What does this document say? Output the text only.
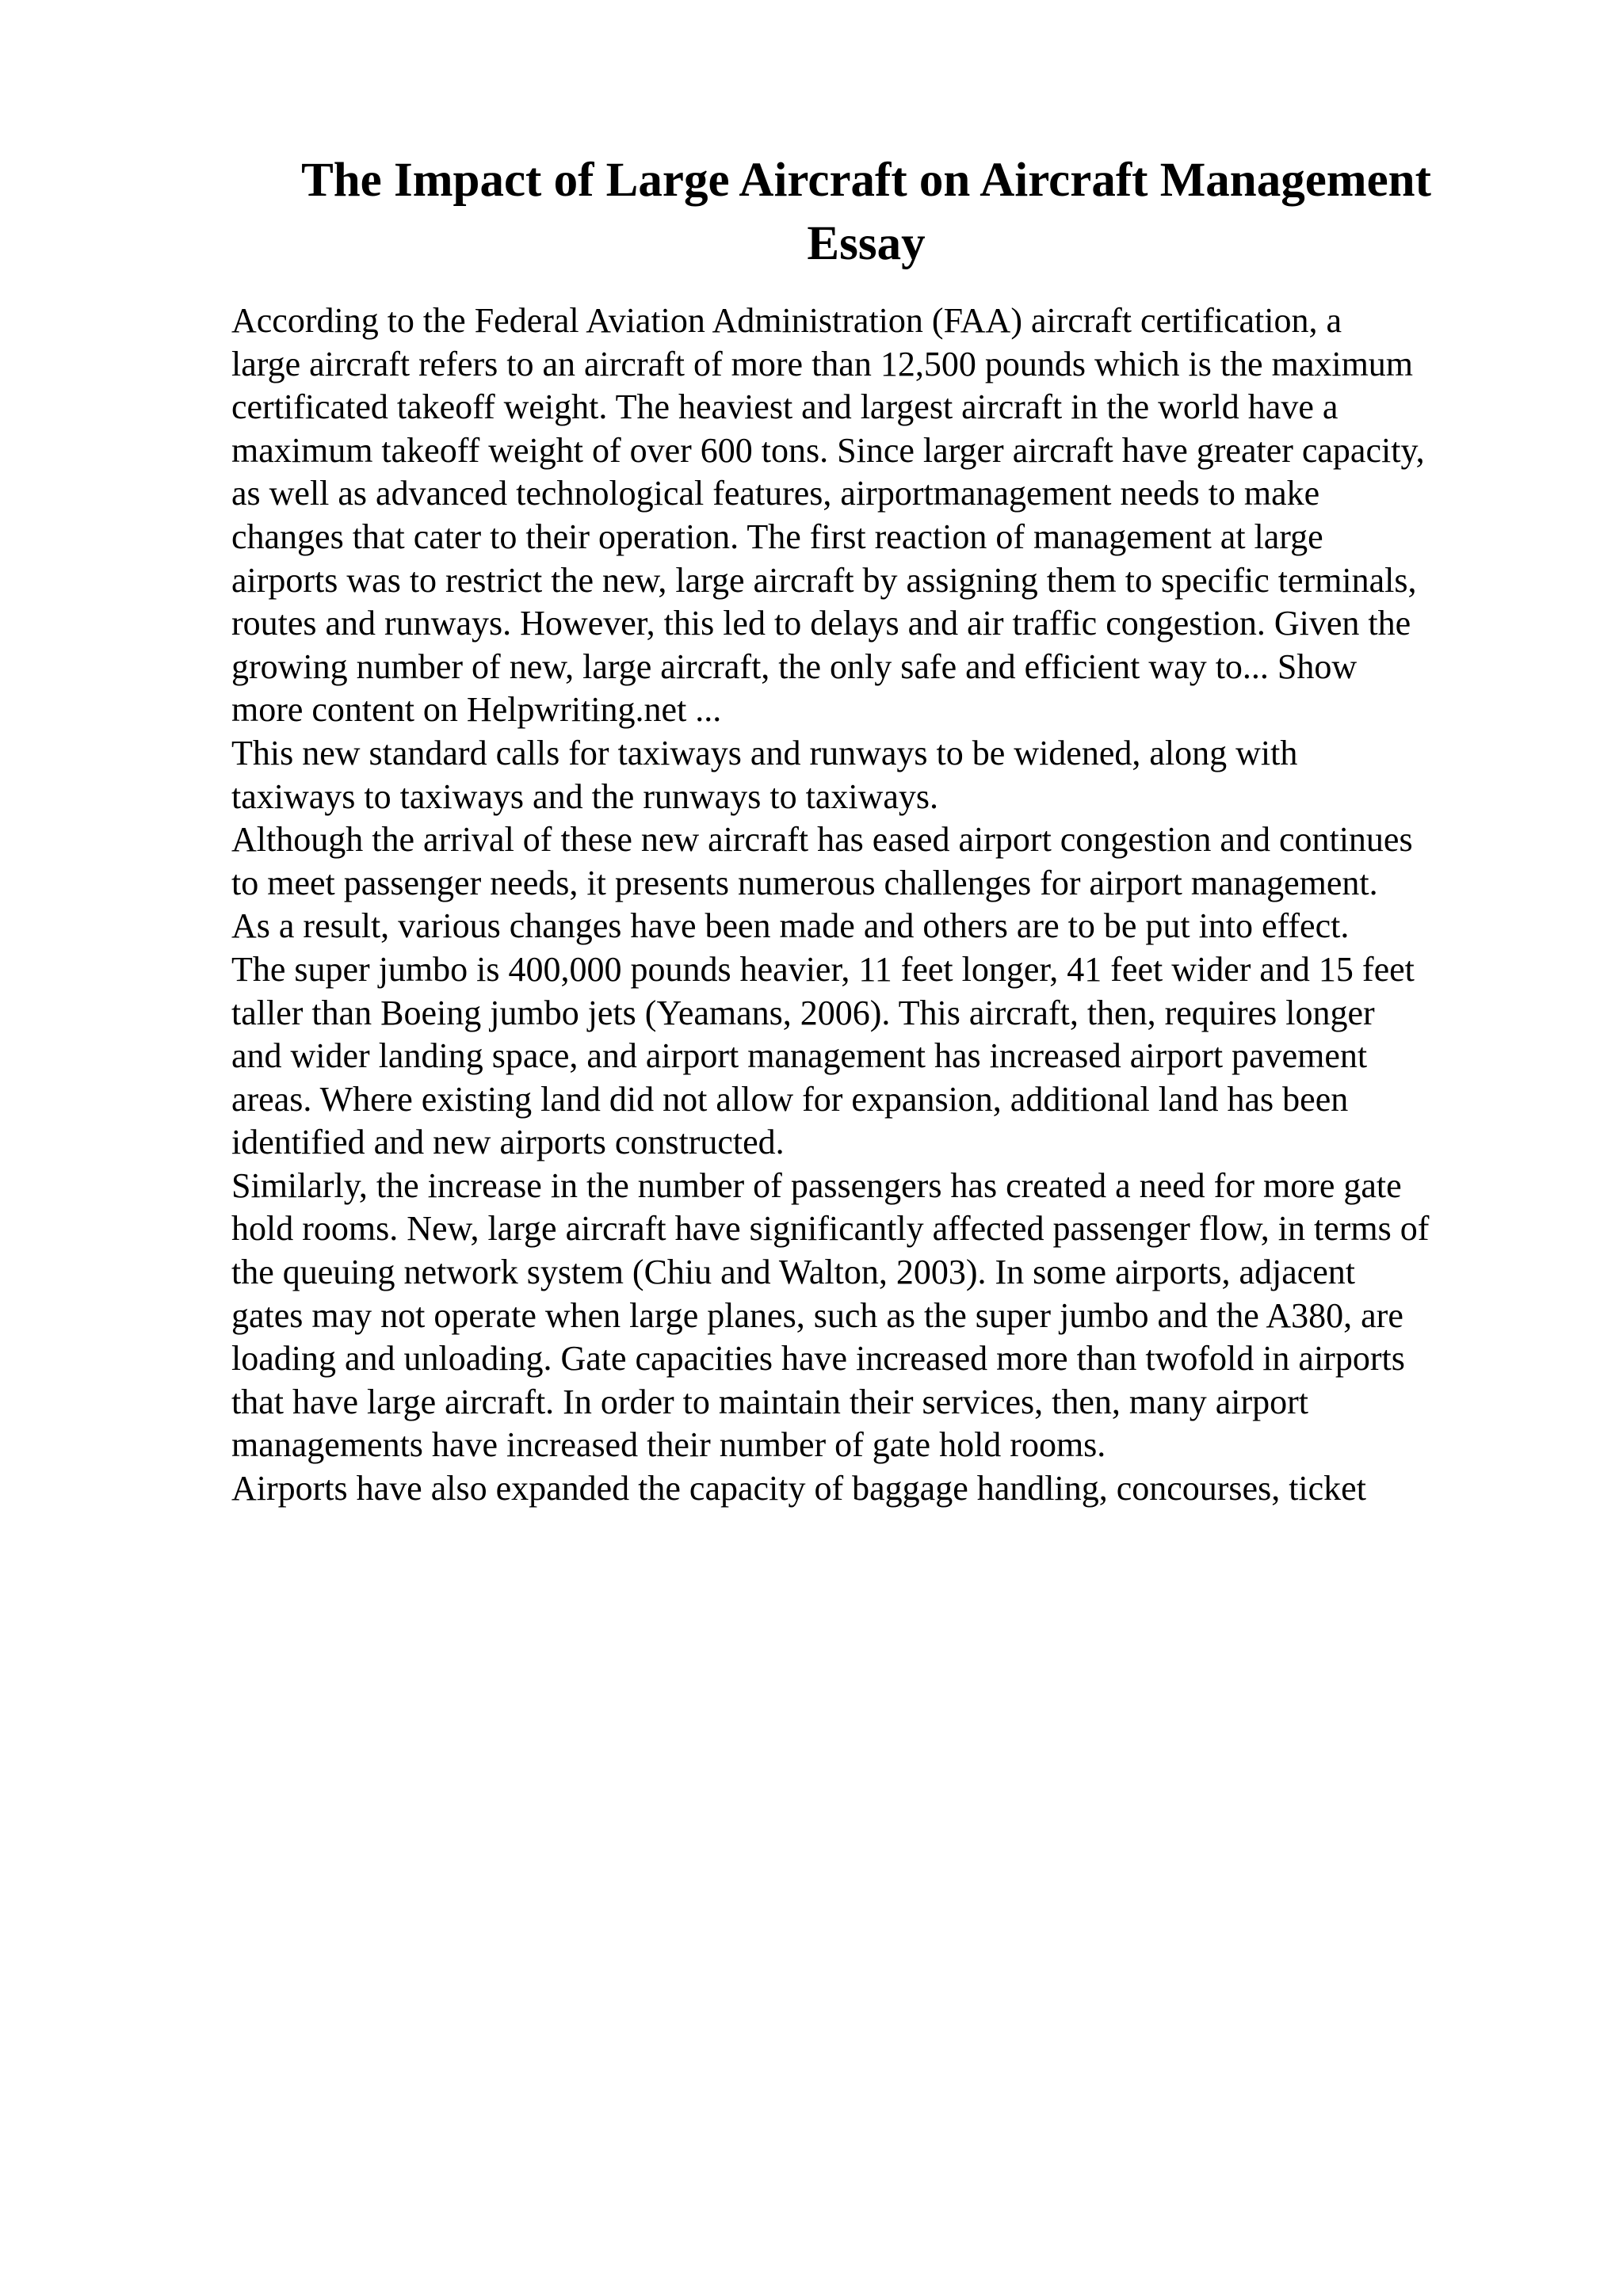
The Impact of Large Aircraft on Aircraft Management
Essay
According to the Federal Aviation Administration (FAA) aircraft certification, a
large aircraft refers to an aircraft of more than 12,500 pounds which is the maximum
certificated takeoff weight. The heaviest and largest aircraft in the world have a
maximum takeoff weight of over 600 tons. Since larger aircraft have greater capacity,
as well as advanced technological features, airportmanagement needs to make
changes that cater to their operation. The first reaction of management at large
airports was to restrict the new, large aircraft by assigning them to specific terminals,
routes and runways. However, this led to delays and air traffic congestion. Given the
growing number of new, large aircraft, the only safe and efficient way to... Show
more content on Helpwriting.net ...
This new standard calls for taxiways and runways to be widened, along with
taxiways to taxiways and the runways to taxiways.
Although the arrival of these new aircraft has eased airport congestion and continues
to meet passenger needs, it presents numerous challenges for airport management.
As a result, various changes have been made and others are to be put into effect.
The super jumbo is 400,000 pounds heavier, 11 feet longer, 41 feet wider and 15 feet
taller than Boeing jumbo jets (Yeamans, 2006). This aircraft, then, requires longer
and wider landing space, and airport management has increased airport pavement
areas. Where existing land did not allow for expansion, additional land has been
identified and new airports constructed.
Similarly, the increase in the number of passengers has created a need for more gate
hold rooms. New, large aircraft have significantly affected passenger flow, in terms of
the queuing network system (Chiu and Walton, 2003). In some airports, adjacent
gates may not operate when large planes, such as the super jumbo and the A380, are
loading and unloading. Gate capacities have increased more than twofold in airports
that have large aircraft. In order to maintain their services, then, many airport
managements have increased their number of gate hold rooms.
Airports have also expanded the capacity of baggage handling, concourses, ticket
